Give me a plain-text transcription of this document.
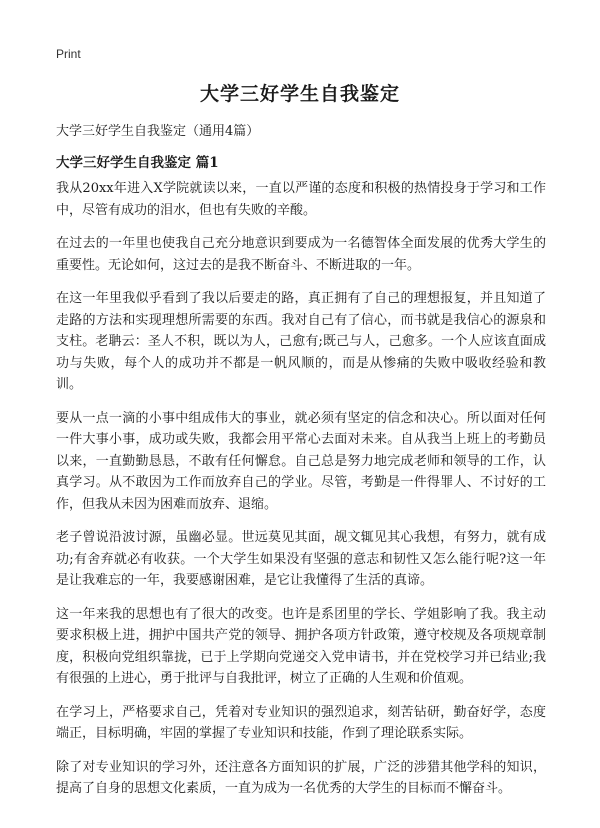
Print
大学三好学生自我鉴定

大学三好学生自我鉴定（通用4篇）

大学三好学生自我鉴定 篇1

我从20xx年进入X学院就读以来，一直以严谨的态度和积极的热情投身于学习和工作中，尽管有成功的泪水，但也有失败的辛酸。

在过去的一年里也使我自己充分地意识到要成为一名德智体全面发展的优秀大学生的重要性。无论如何，这过去的是我不断奋斗、不断进取的一年。

在这一年里我似乎看到了我以后要走的路，真正拥有了自己的理想报复，并且知道了走路的方法和实现理想所需要的东西。我对自己有了信心，而书就是我信心的源泉和支柱。老聃云：圣人不积，既以为人，己愈有;既己与人，己愈多。一个人应该直面成功与失败，每个人的成功并不都是一帆风顺的，而是从惨痛的失败中吸收经验和教训。

要从一点一滴的小事中组成伟大的事业，就必须有坚定的信念和决心。所以面对任何一件大事小事，成功或失败，我都会用平常心去面对未来。自从我当上班上的考勤员以来，一直勤勤恳恳，不敢有任何懈怠。自己总是努力地完成老师和领导的工作，认真学习。从不敢因为工作而放弃自己的学业。尽管，考勤是一件得罪人、不讨好的工作，但我从未因为困难而放弃、退缩。

老子曾说沿波讨源，虽幽必显。世远莫见其面，觇文辄见其心我想，有努力，就有成功;有舍弃就必有收获。一个大学生如果没有坚强的意志和韧性又怎么能行呢?这一年是让我难忘的一年，我要感谢困难，是它让我懂得了生活的真谛。

这一年来我的思想也有了很大的改变。也许是系团里的学长、学姐影响了我。我主动要求积极上进，拥护中国共产党的领导、拥护各项方针政策，遵守校规及各项规章制度，积极向党组织靠拢，已于上学期向党递交入党申请书，并在党校学习并已结业;我有很强的上进心，勇于批评与自我批评，树立了正确的人生观和价值观。

在学习上，严格要求自己，凭着对专业知识的强烈追求，刻苦钻研，勤奋好学，态度端正，目标明确，牢固的掌握了专业知识和技能，作到了理论联系实际。

除了对专业知识的学习外，还注意各方面知识的扩展，广泛的涉猎其他学科的知识，提高了自身的思想文化素质，一直为成为一名优秀的大学生的目标而不懈奋斗。
